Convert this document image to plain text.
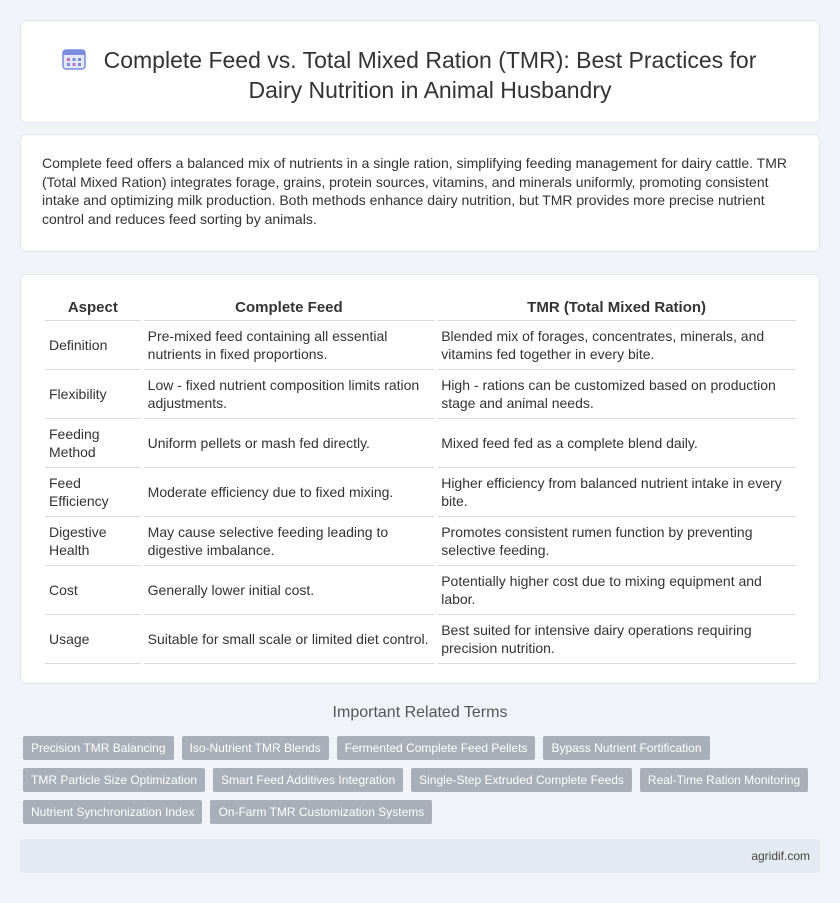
Complete Feed vs. Total Mixed Ration (TMR): Best Practices for Dairy Nutrition in Animal Husbandry

Complete feed offers a balanced mix of nutrients in a single ration, simplifying feeding management for dairy cattle. TMR (Total Mixed Ration) integrates forage, grains, protein sources, vitamins, and minerals uniformly, promoting consistent intake and optimizing milk production. Both methods enhance dairy nutrition, but TMR provides more precise nutrient control and reduces feed sorting by animals.

Aspect	Complete Feed	TMR (Total Mixed Ration)
Definition	Pre-mixed feed containing all essential nutrients in fixed proportions.	Blended mix of forages, concentrates, minerals, and vitamins fed together in every bite.
Flexibility	Low - fixed nutrient composition limits ration adjustments.	High - rations can be customized based on production stage and animal needs.
Feeding Method	Uniform pellets or mash fed directly.	Mixed feed fed as a complete blend daily.
Feed Efficiency	Moderate efficiency due to fixed mixing.	Higher efficiency from balanced nutrient intake in every bite.
Digestive Health	May cause selective feeding leading to digestive imbalance.	Promotes consistent rumen function by preventing selective feeding.
Cost	Generally lower initial cost.	Potentially higher cost due to mixing equipment and labor.
Usage	Suitable for small scale or limited diet control.	Best suited for intensive dairy operations requiring precision nutrition.
Important Related Terms
Precision TMR Balancing	Iso-Nutrient TMR Blends	Fermented Complete Feed Pellets	Bypass Nutrient Fortification
TMR Particle Size Optimization	Smart Feed Additives Integration	Single-Step Extruded Complete Feeds	Real-Time Ration Monitoring
Nutrient Synchronization Index	On-Farm TMR Customization Systems
agridif.com
